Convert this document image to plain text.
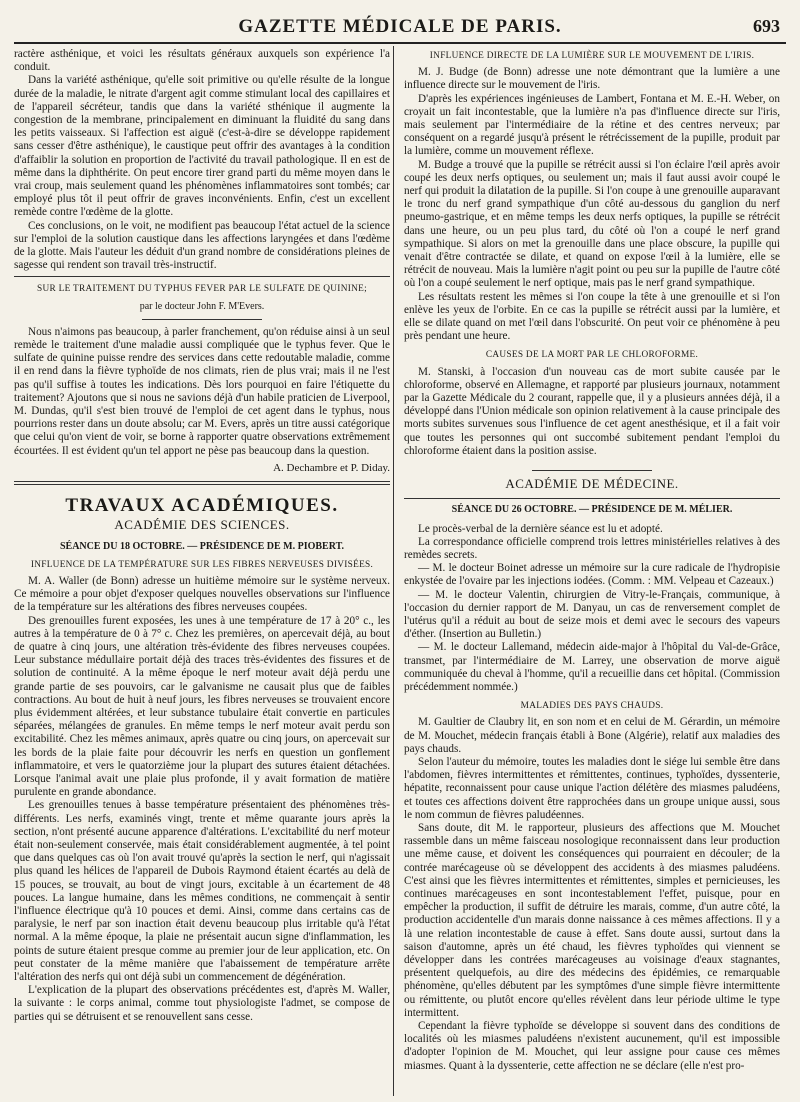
GAZETTE MÉDICALE DE PARIS.	693

ractère asthénique, et voici les résultats généraux auxquels son expérience l'a conduit.

Dans la variété asthénique, qu'elle soit primitive ou qu'elle résulte de la longue durée de la maladie, le nitrate d'argent agit comme stimulant local des capillaires et de l'appareil sécréteur, tandis que dans la variété sthénique il augmente la congestion de la membrane, principalement en diminuant la fluidité du sang dans les petits vaisseaux. Si l'affection est aiguë (c'est-à-dire se développe rapidement sans cesser d'être asthénique), le caustique peut offrir des avantages à la condition d'affaiblir la solution en proportion de l'activité du travail pathologique. Il en est de même dans la diphthérite. On peut encore tirer grand parti du même moyen dans le vrai croup, mais seulement quand les phénomènes inflammatoires sont tombés; car employé plus tôt il peut offrir de graves inconvénients. Enfin, c'est un excellent remède contre l'œdème de la glotte.

Ces conclusions, on le voit, ne modifient pas beaucoup l'état actuel de la science sur l'emploi de la solution caustique dans les affections laryngées et dans l'œdème de la glotte. Mais l'auteur les déduit d'un grand nombre de considérations pleines de sagesse qui rendent son travail très-instructif.

SUR LE TRAITEMENT DU TYPHUS FEVER PAR LE SULFATE DE QUININE;
par le docteur John F. M'Evers.

Nous n'aimons pas beaucoup, à parler franchement, qu'on réduise ainsi à un seul remède le traitement d'une maladie aussi compliquée que le typhus fever. Que le sulfate de quinine puisse rendre des services dans cette redoutable maladie, comme il en rend dans la fièvre typhoïde de nos climats, rien de plus vrai; mais il ne l'est pas qu'il suffise à toutes les indications. Dès lors pourquoi en faire l'étiquette du traitement? Ajoutons que si nous ne savions déjà d'un habile praticien de Liverpool, M. Dundas, qu'il s'est bien trouvé de l'emploi de cet agent dans le typhus, nous pourrions rester dans un doute absolu; car M. Evers, après un titre aussi catégorique que celui qu'on vient de voir, se borne à rapporter quatre observations extrêmement écourtées. Il est évident qu'un tel apport ne pèse pas beaucoup dans la question.

A. Dechambre et P. Diday.
TRAVAUX ACADÉMIQUES.
ACADÉMIE DES SCIENCES.
SÉANCE DU 18 OCTOBRE. — PRÉSIDENCE DE M. PIOBERT.
INFLUENCE DE LA TEMPÉRATURE SUR LES FIBRES NERVEUSES DIVISÉES.

M. A. Waller (de Bonn) adresse un huitième mémoire sur le système nerveux. Ce mémoire a pour objet d'exposer quelques nouvelles observations sur l'influence de la température sur les altérations des fibres nerveuses coupées.

Des grenouilles furent exposées, les unes à une température de 17 à 20° c., les autres à la température de 0 à 7° c. Chez les premières, on apercevait déjà, au bout de quatre à cinq jours, une altération très-évidente des fibres nerveuses coupées. Leur substance médullaire portait déjà des traces très-évidentes des fissures et de solution de continuité. A la même époque le nerf moteur avait déjà perdu une grande partie de ses pouvoirs, car le galvanisme ne causait plus que de faibles contractions. Au bout de huit à neuf jours, les fibres nerveuses se trouvaient encore plus évidemment altérées, et leur substance tubulaire était convertie en particules séparées, mélangées de granules. En même temps le nerf moteur avait perdu son excitabilité. Chez les mêmes animaux, après quatre ou cinq jours, on apercevait sur les bords de la plaie faite pour découvrir les nerfs en question un gonflement inflammatoire, et vers le quatorzième jour la plupart des sutures étaient détachées. Lorsque l'animal avait une plaie plus profonde, il y avait formation de matière purulente en grande abondance.

Les grenouilles tenues à basse température présentaient des phénomènes très-différents. Les nerfs, examinés vingt, trente et même quarante jours après la section, n'ont présenté aucune apparence d'altérations. L'excitabilité du nerf moteur était non-seulement conservée, mais était considérablement augmentée, à tel point que dans quelques cas où l'on avait trouvé qu'après la section le nerf, qui n'agissait plus quand les hélices de l'appareil de Dubois Raymond étaient écartés au delà de 15 pouces, se trouvait, au bout de vingt jours, excitable à un écartement de 48 pouces. La langue humaine, dans les mêmes conditions, ne commençait à sentir l'influence électrique qu'à 10 pouces et demi. Ainsi, comme dans certains cas de paralysie, le nerf par son inaction était devenu beaucoup plus irritable qu'à l'état normal. A la même époque, la plaie ne présentait aucun signe d'inflammation, les points de suture étaient presque comme au premier jour de leur application, etc. On peut constater de la même manière que l'abaissement de température arrête l'altération des nerfs qui ont déjà subi un commencement de dégénération.

L'explication de la plupart des observations précédentes est, d'après M. Waller, la suivante : le corps animal, comme tout physiologiste l'admet, se compose de parties qui se détruisent et se renouvellent sans cesse.

INFLUENCE DIRECTE DE LA LUMIÈRE SUR LE MOUVEMENT DE L'IRIS.

M. J. Budge (de Bonn) adresse une note démontrant que la lumière a une influence directe sur le mouvement de l'iris.

D'après les expériences ingénieuses de Lambert, Fontana et M. E.-H. Weber, on croyait un fait incontestable, que la lumière n'a pas d'influence directe sur l'iris, mais seulement par l'intermédiaire de la rétine et des centres nerveux; par conséquent on a regardé jusqu'à présent le rétrécissement de la pupille, produit par la lumière, comme un mouvement réflexe.

M. Budge a trouvé que la pupille se rétrécit aussi si l'on éclaire l'œil après avoir coupé les deux nerfs optiques, ou seulement un; mais il faut aussi avoir coupé le nerf qui produit la dilatation de la pupille. Si l'on coupe à une grenouille auparavant le tronc du nerf grand sympathique d'un côté au-dessous du ganglion du nerf pneumo-gastrique, et en même temps les deux nerfs optiques, la pupille se rétrécit dans une heure, ou un peu plus tard, du côté où l'on a coupé le nerf grand sympathique. Si alors on met la grenouille dans une place obscure, la pupille qui venait d'être contractée se dilate, et quand on expose l'œil à la lumière, elle se rétrécit de nouveau. Mais la lumière n'agit point ou peu sur la pupille de l'autre côté où l'on a coupé seulement le nerf optique, mais pas le nerf grand sympathique.

Les résultats restent les mêmes si l'on coupe la tête à une grenouille et si l'on enlève les yeux de l'orbite. En ce cas la pupille se rétrécit aussi par la lumière, et elle se dilate quand on met l'œil dans l'obscurité. On peut voir ce phénomène à peu près pendant une heure.

CAUSES DE LA MORT PAR LE CHLOROFORME.

M. Stanski, à l'occasion d'un nouveau cas de mort subite causée par le chloroforme, observé en Allemagne, et rapporté par plusieurs journaux, notamment par la Gazette Médicale du 2 courant, rappelle que, il y a plusieurs années déjà, il a développé dans l'Union médicale son opinion relativement à la cause principale des morts subites survenues sous l'influence de cet agent anesthésique, et il a fait voir que toutes les personnes qui ont succombé subitement pendant l'emploi du chloroforme étaient dans la position assise.

ACADÉMIE DE MÉDECINE.
SÉANCE DU 26 OCTOBRE. — PRÉSIDENCE DE M. MÉLIER.

Le procès-verbal de la dernière séance est lu et adopté.

La correspondance officielle comprend trois lettres ministérielles relatives à des remèdes secrets.

— M. le docteur Boinet adresse un mémoire sur la cure radicale de l'hydropisie enkystée de l'ovaire par les injections iodées. (Comm. : MM. Velpeau et Cazeaux.)

— M. le docteur Valentin, chirurgien de Vitry-le-Français, communique, à l'occasion du dernier rapport de M. Danyau, un cas de renversement complet de l'utérus qu'il a réduit au bout de seize mois et demi avec le secours des vapeurs d'éther. (Insertion au Bulletin.)

— M. le docteur Lallemand, médecin aide-major à l'hôpital du Val-de-Grâce, transmet, par l'intermédiaire de M. Larrey, une observation de morve aiguë communiquée du cheval à l'homme, qu'il a recueillie dans cet hôpital. (Commission précédemment nommée.)

MALADIES DES PAYS CHAUDS.

M. Gaultier de Claubry lit, en son nom et en celui de M. Gérardin, un mémoire de M. Mouchet, médecin français établi à Bone (Algérie), relatif aux maladies des pays chauds.

Selon l'auteur du mémoire, toutes les maladies dont le siége lui semble être dans l'abdomen, fièvres intermittentes et rémittentes, continues, typhoïdes, dyssenterie, hépatite, reconnaissent pour cause unique l'action délétère des miasmes paludéens, et toutes ces affections doivent être rapprochées dans un groupe unique aussi, sous le nom commun de fièvres paludéennes.

Sans doute, dit M. le rapporteur, plusieurs des affections que M. Mouchet rassemble dans un même faisceau nosologique reconnaissent dans leur production une même cause, et doivent les conséquences qui pourraient en découler; de la contrée marécageuse où se développent des accidents à des miasmes paludéens. C'est ainsi que les fièvres intermittentes et rémittentes, simples et pernicieuses, les continues marécageuses en sont incontestablement l'effet, puisque, pour en empêcher la production, il suffit de détruire les marais, comme, d'un autre côté, la production accidentelle d'un marais donne naissance à ces mêmes affections. Il y a là une relation incontestable de cause à effet. Sans doute aussi, surtout dans la saison d'automne, après un été chaud, les fièvres typhoïdes qui viennent se développer dans les contrées marécageuses au voisinage d'eaux stagnantes, présentent quelquefois, au dire des médecins des épidémies, ce remarquable phénomène, qu'elles débutent par les symptômes d'une simple fièvre intermittente ou rémittente, ou plutôt encore qu'elles révèlent dans leur période ultime le type intermittent.

Cependant la fièvre typhoïde se développe si souvent dans des conditions de localités où les miasmes paludéens n'existent aucunement, qu'il est impossible d'adopter l'opinion de M. Mouchet, qui leur assigne pour cause ces mêmes miasmes. Quant à la dyssenterie, cette affection ne se déclare (elle n'est pro-
